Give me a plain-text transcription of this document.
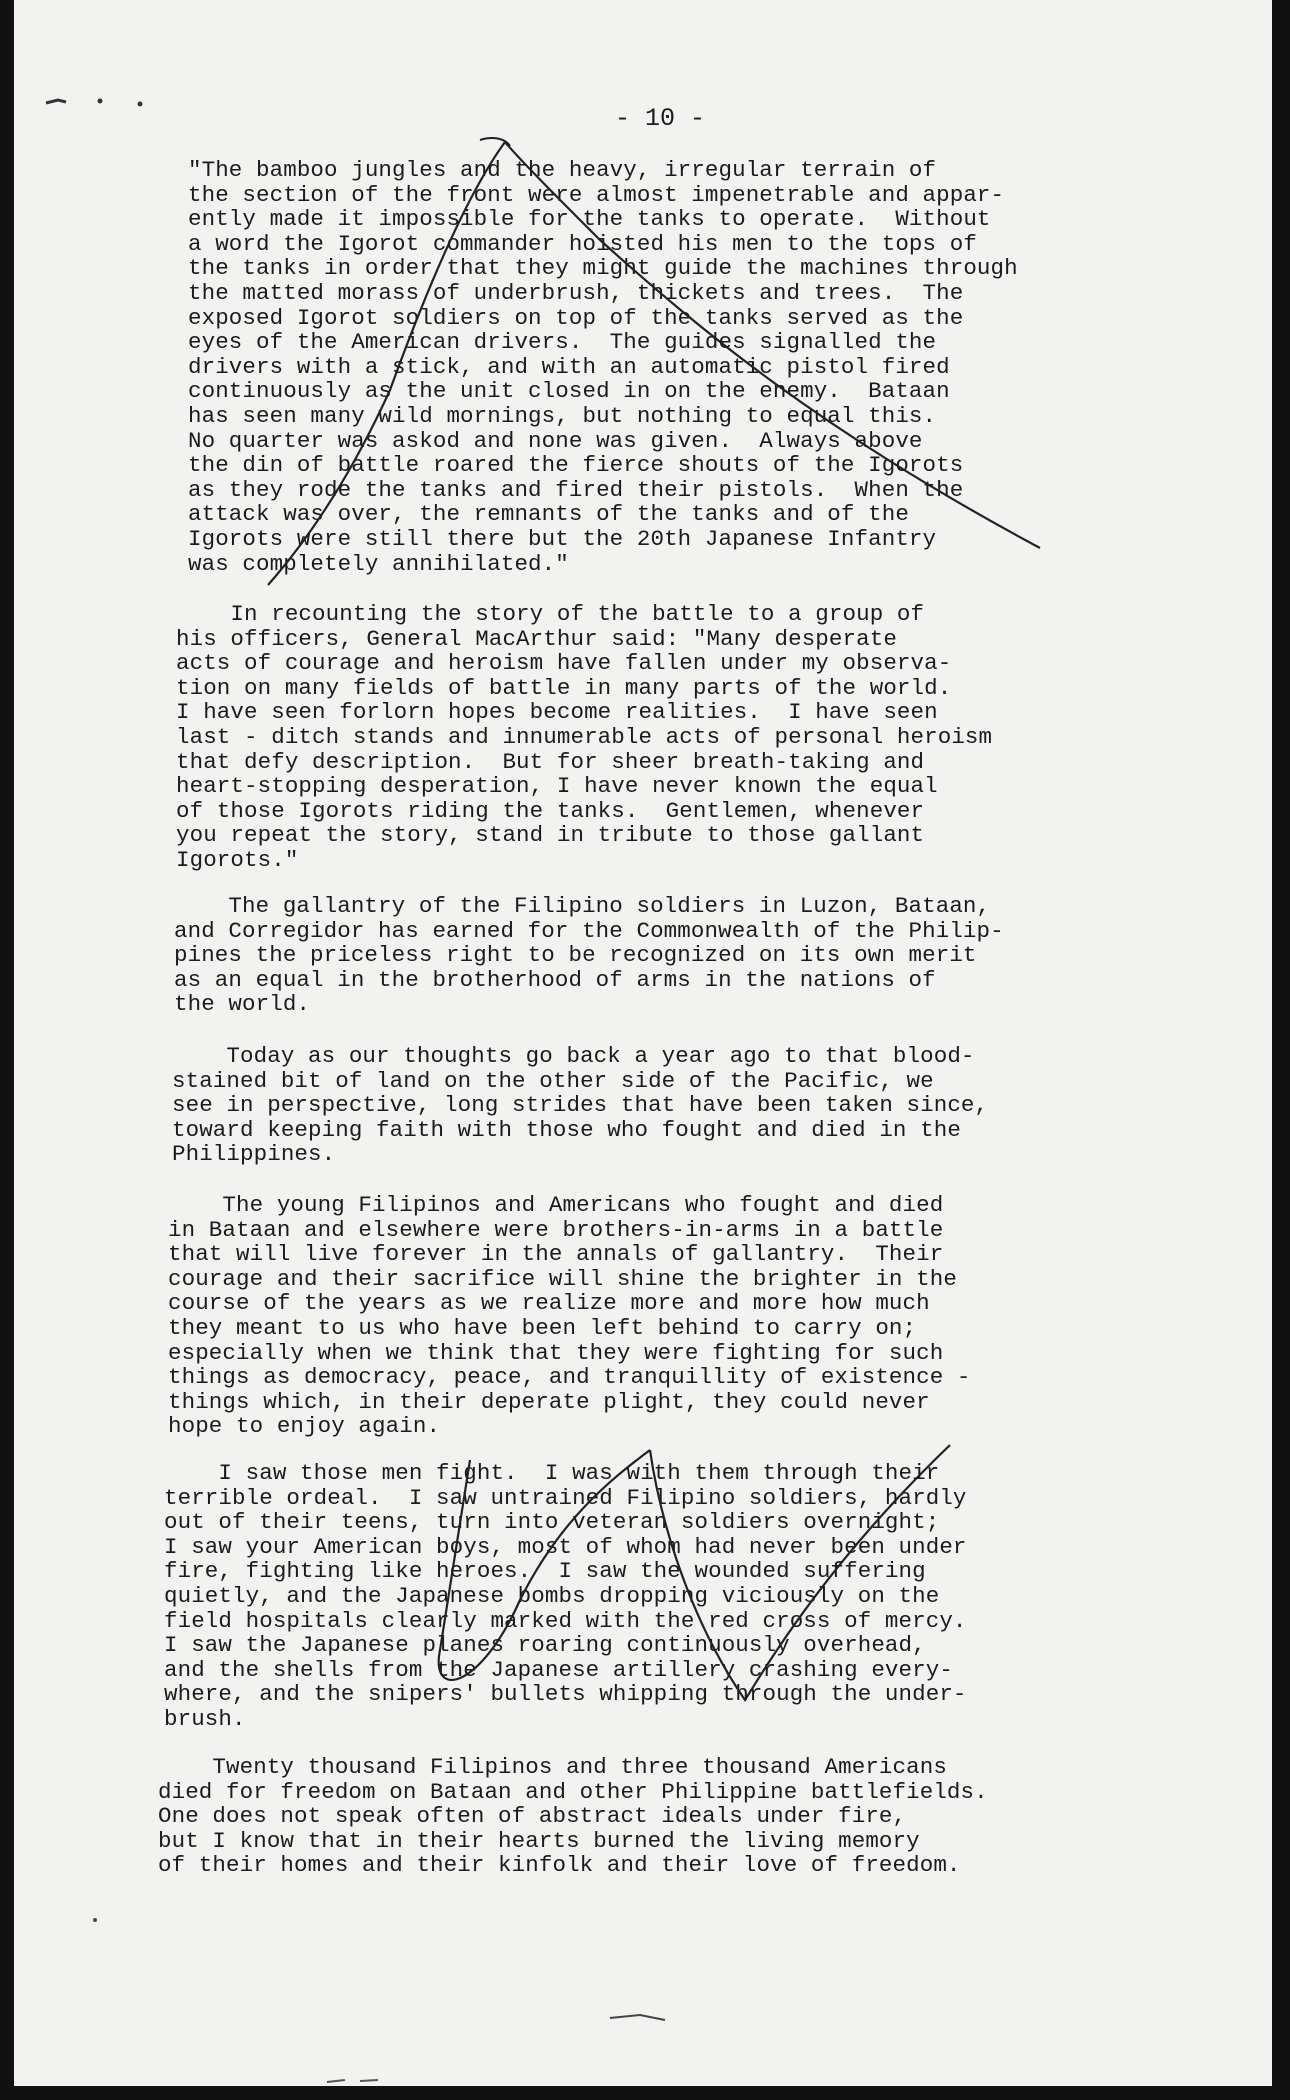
- 10 -

"The bamboo jungles and the heavy, irregular terrain of
the section of the front were almost impenetrable and appar-
ently made it impossible for the tanks to operate.  Without
a word the Igorot commander hoisted his men to the tops of
the tanks in order that they might guide the machines through
the matted morass of underbrush, thickets and trees.  The
exposed Igorot soldiers on top of the tanks served as the
eyes of the American drivers.  The guides signalled the
drivers with a stick, and with an automatic pistol fired
continuously as the unit closed in on the enemy.  Bataan
has seen many wild mornings, but nothing to equal this.
No quarter was askod and none was given.  Always above
the din of battle roared the fierce shouts of the Igorots
as they rode the tanks and fired their pistols.  When the
attack was over, the remnants of the tanks and of the
Igorots were still there but the 20th Japanese Infantry
was completely annihilated."

In recounting the story of the battle to a group of
his officers, General MacArthur said: "Many desperate
acts of courage and heroism have fallen under my observa-
tion on many fields of battle in many parts of the world.
I have seen forlorn hopes become realities.  I have seen
last - ditch stands and innumerable acts of personal heroism
that defy description.  But for sheer breath-taking and
heart-stopping desperation, I have never known the equal
of those Igorots riding the tanks.  Gentlemen, whenever
you repeat the story, stand in tribute to those gallant
Igorots."

The gallantry of the Filipino soldiers in Luzon, Bataan,
and Corregidor has earned for the Commonwealth of the Philip-
pines the priceless right to be recognized on its own merit
as an equal in the brotherhood of arms in the nations of
the world.

Today as our thoughts go back a year ago to that blood-
stained bit of land on the other side of the Pacific, we
see in perspective, long strides that have been taken since,
toward keeping faith with those who fought and died in the
Philippines.

The young Filipinos and Americans who fought and died
in Bataan and elsewhere were brothers-in-arms in a battle
that will live forever in the annals of gallantry.  Their
courage and their sacrifice will shine the brighter in the
course of the years as we realize more and more how much
they meant to us who have been left behind to carry on;
especially when we think that they were fighting for such
things as democracy, peace, and tranquillity of existence -
things which, in their deperate plight, they could never
hope to enjoy again.

I saw those men fight.  I was with them through their
terrible ordeal.  I saw untrained Filipino soldiers, hardly
out of their teens, turn into veteran soldiers overnight;
I saw your American boys, most of whom had never been under
fire, fighting like heroes.  I saw the wounded suffering
quietly, and the Japanese bombs dropping viciously on the
field hospitals clearly marked with the red cross of mercy.
I saw the Japanese planes roaring continuously overhead,
and the shells from the Japanese artillery crashing every-
where, and the snipers' bullets whipping through the under-
brush.

Twenty thousand Filipinos and three thousand Americans
died for freedom on Bataan and other Philippine battlefields.
One does not speak often of abstract ideals under fire,
but I know that in their hearts burned the living memory
of their homes and their kinfolk and their love of freedom.
